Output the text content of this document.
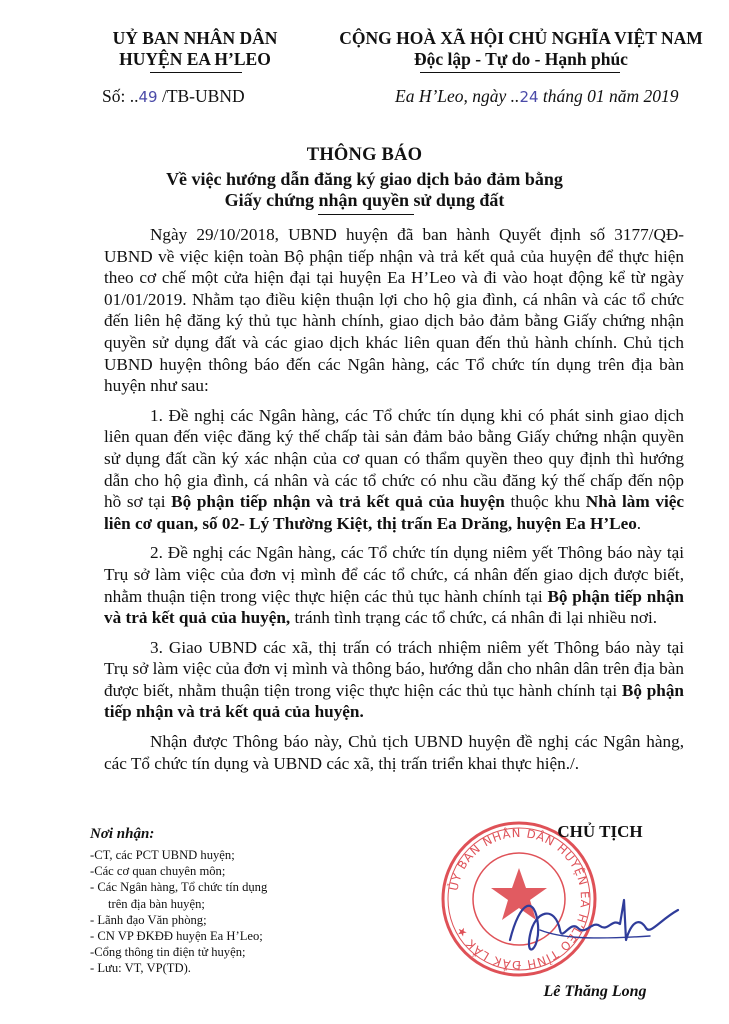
UỶ BAN NHÂN DÂN
HUYỆN EA H’LEO
CỘNG HOÀ XÃ HỘI CHỦ NGHĨA VIỆT NAM
Độc lập - Tự do - Hạnh phúc
Số: ..49 /TB-UBND	Ea H’Leo, ngày ..24 tháng 01 năm 2019
THÔNG BÁO
Về việc hướng dẫn đăng ký giao dịch bảo đảm bằng
Giấy chứng nhận quyền sử dụng đất

Ngày 29/10/2018, UBND huyện đã ban hành Quyết định số 3177/QĐ-UBND về việc kiện toàn Bộ phận tiếp nhận và trả kết quả của huyện để thực hiện theo cơ chế một cửa hiện đại tại huyện Ea H’Leo và đi vào hoạt động kể từ ngày 01/01/2019. Nhằm tạo điều kiện thuận lợi cho hộ gia đình, cá nhân và các tổ chức đến liên hệ đăng ký thủ tục hành chính, giao dịch bảo đảm bằng Giấy chứng nhận quyền sử dụng đất và các giao dịch khác liên quan đến thủ hành chính. Chủ tịch UBND huyện thông báo đến các Ngân hàng, các Tổ chức tín dụng trên địa bàn huyện như sau:

1. Đề nghị các Ngân hàng, các Tổ chức tín dụng khi có phát sinh giao dịch liên quan đến việc đăng ký thế chấp tài sản đảm bảo bằng Giấy chứng nhận quyền sử dụng đất cần ký xác nhận của cơ quan có thẩm quyền theo quy định thì hướng dẫn cho hộ gia đình, cá nhân và các tổ chức có nhu cầu đăng ký thế chấp đến nộp hồ sơ tại Bộ phận tiếp nhận và trả kết quả của huyện thuộc khu Nhà làm việc liên cơ quan, số 02- Lý Thường Kiệt, thị trấn Ea Drăng, huyện Ea H’Leo.

2. Đề nghị các Ngân hàng, các Tổ chức tín dụng niêm yết Thông báo này tại Trụ sở làm việc của đơn vị mình để các tổ chức, cá nhân đến giao dịch được biết, nhằm thuận tiện trong việc thực hiện các thủ tục hành chính tại Bộ phận tiếp nhận và trả kết quả của huyện, tránh tình trạng các tổ chức, cá nhân đi lại nhiều nơi.

3. Giao UBND các xã, thị trấn có trách nhiệm niêm yết Thông báo này tại Trụ sở làm việc của đơn vị mình và thông báo, hướng dẫn cho nhân dân trên địa bàn được biết, nhằm thuận tiện trong việc thực hiện các thủ tục hành chính tại Bộ phận tiếp nhận và trả kết quả của huyện.

Nhận được Thông báo này, Chủ tịch UBND huyện đề nghị các Ngân hàng, các Tổ chức tín dụng và UBND các xã, thị trấn triển khai thực hiện./.

Nơi nhận:
-CT, các PCT UBND huyện;
-Các cơ quan chuyên môn;
- Các Ngân hàng, Tổ chức tín dụng
trên địa bàn huyện;
- Lãnh đạo Văn phòng;
- CN VP ĐKĐĐ huyện Ea H’Leo;
-Cổng thông tin điện tử huyện;
- Lưu: VT, VP(TD).
ỦY BAN NHÂN DÂN HUYỆN EA H’LEO TỈNH ĐẮK LẮK ★
CHỦ TỊCH
Lê Thăng Long
